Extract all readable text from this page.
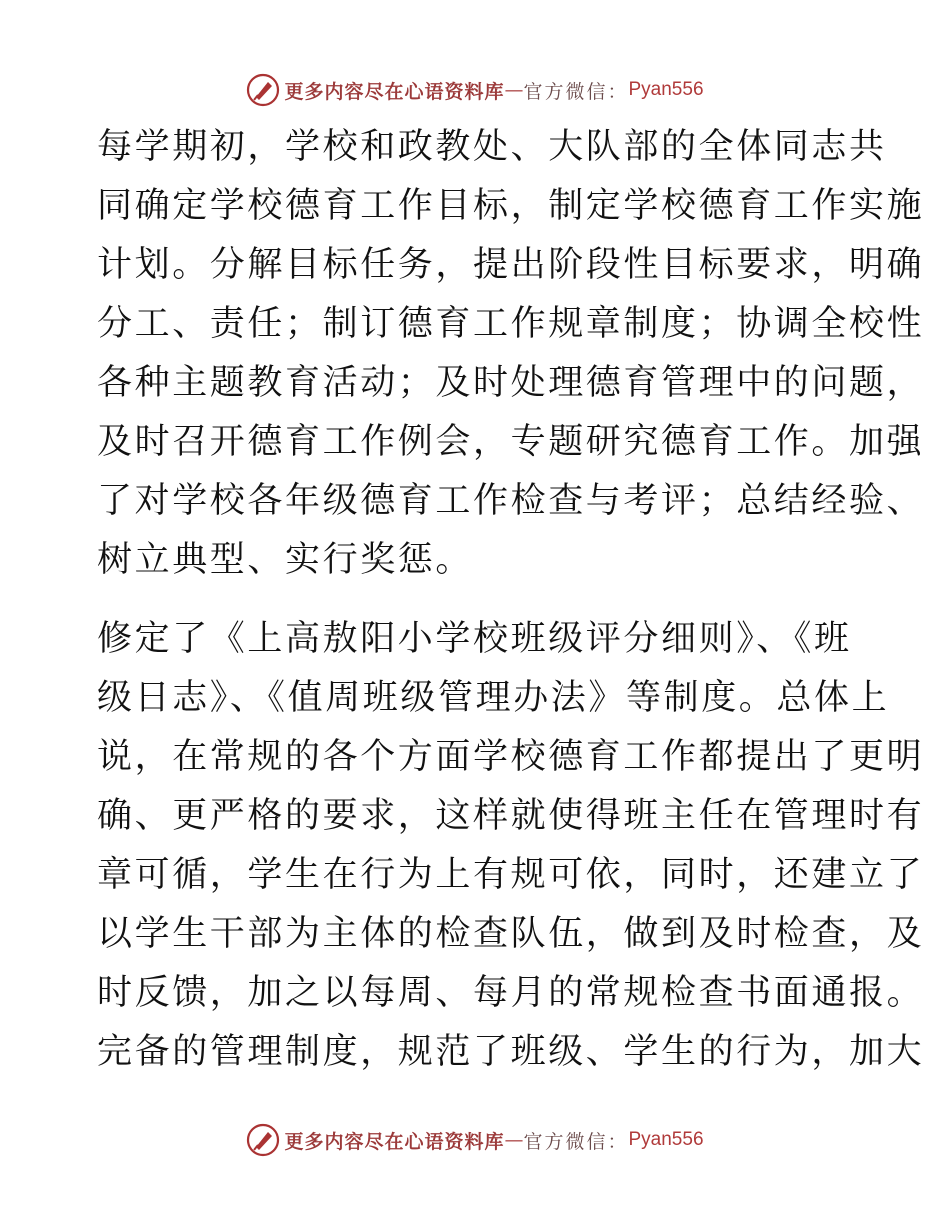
更多内容尽在心语资料库 — 官方微信： Pyan556
每学期初，学校和政教处、大队部的全体同志共
同确定学校德育工作目标，制定学校德育工作实施
计划。分解目标任务，提出阶段性目标要求，明确
分工、责任；制订德育工作规章制度；协调全校性
各种主题教育活动；及时处理德育管理中的问题，
及时召开德育工作例会，专题研究德育工作。加强
了对学校各年级德育工作检查与考评；总结经验、
树立典型、实行奖惩。
修定了《上高敖阳小学校班级评分细则》、《班
级日志》、《值周班级管理办法》等制度。总体上
说，在常规的各个方面学校德育工作都提出了更明
确、更严格的要求，这样就使得班主任在管理时有
章可循，学生在行为上有规可依，同时，还建立了
以学生干部为主体的检查队伍，做到及时检查，及
时反馈，加之以每周、每月的常规检查书面通报。
完备的管理制度，规范了班级、学生的行为，加大
更多内容尽在心语资料库 — 官方微信： Pyan556
